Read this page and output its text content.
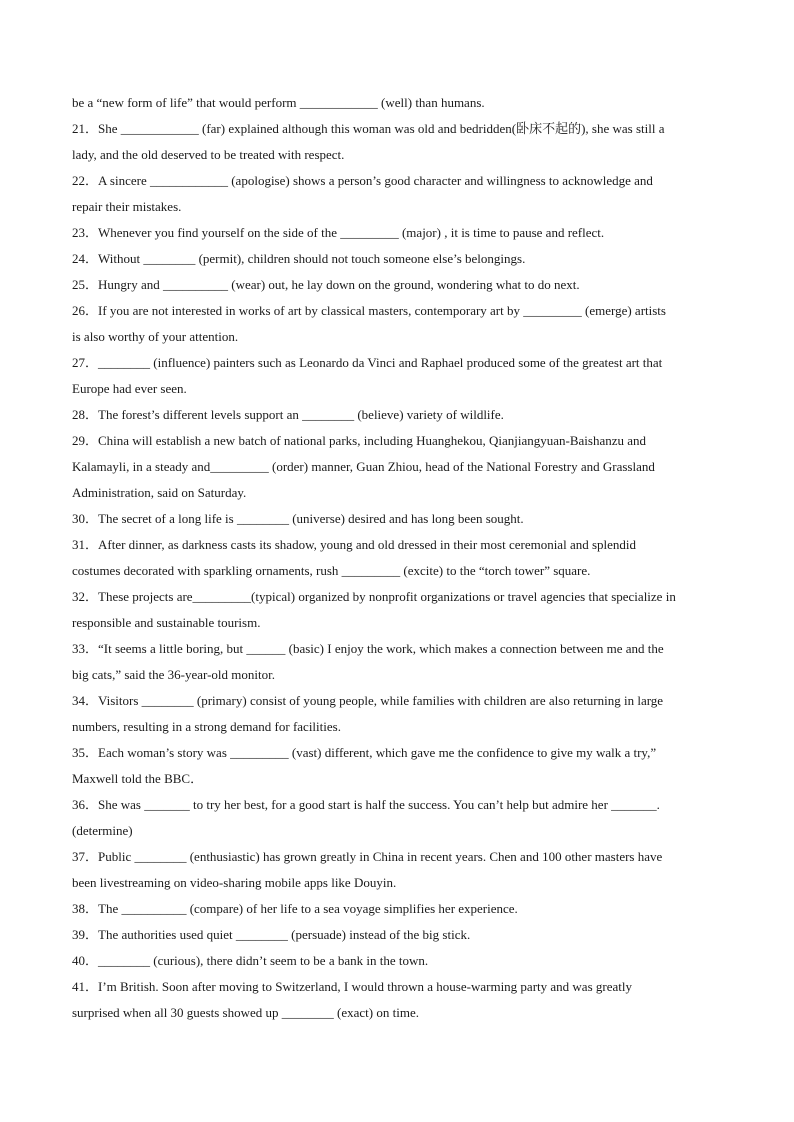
be a “new form of life” that would perform ____________ (well) than humans.
21．She ____________ (far) explained although this woman was old and bedridden(卧床不起的), she was still a
lady, and the old deserved to be treated with respect.
22．A sincere ____________ (apologise) shows a person’s good character and willingness to acknowledge and
repair their mistakes.
23．Whenever you find yourself on the side of the _________ (major) , it is time to pause and reflect.
24．Without ________ (permit), children should not touch someone else’s belongings.
25．Hungry and __________ (wear) out, he lay down on the ground, wondering what to do next.
26．If you are not interested in works of art by classical masters, contemporary art by _________ (emerge) artists
is also worthy of your attention.
27．________ (influence) painters such as Leonardo da Vinci and Raphael produced some of the greatest art that
Europe had ever seen.
28．The forest’s different levels support an ________ (believe) variety of wildlife.
29．China will establish a new batch of national parks, including Huanghekou, Qianjiangyuan-Baishanzu and
Kalamayli, in a steady and_________ (order) manner, Guan Zhiou, head of the National Forestry and Grassland
Administration, said on Saturday.
30．The secret of a long life is ________ (universe) desired and has long been sought.
31．After dinner, as darkness casts its shadow, young and old dressed in their most ceremonial and splendid
costumes decorated with sparkling ornaments, rush _________ (excite) to the “torch tower” square.
32．These projects are_________(typical) organized by nonprofit organizations or travel agencies that specialize in
responsible and sustainable tourism.
33．“It seems a little boring, but ______ (basic) I enjoy the work, which makes a connection between me and the
big cats,” said the 36-year-old monitor.
34．Visitors ________ (primary) consist of young people, while families with children are also returning in large
numbers, resulting in a strong demand for facilities.
35．Each woman’s story was _________ (vast) different, which gave me the confidence to give my walk a try,”
Maxwell told the BBC．
36．She was _______ to try her best, for a good start is half the success. You can’t help but admire her _______.
(determine)
37．Public ________ (enthusiastic) has grown greatly in China in recent years. Chen and 100 other masters have
been livestreaming on video-sharing mobile apps like Douyin.
38．The __________ (compare) of her life to a sea voyage simplifies her experience.
39．The authorities used quiet ________ (persuade) instead of the big stick.
40．________ (curious), there didn’t seem to be a bank in the town.
41．I’m British. Soon after moving to Switzerland, I would thrown a house-warming party and was greatly
surprised when all 30 guests showed up ________ (exact) on time.
